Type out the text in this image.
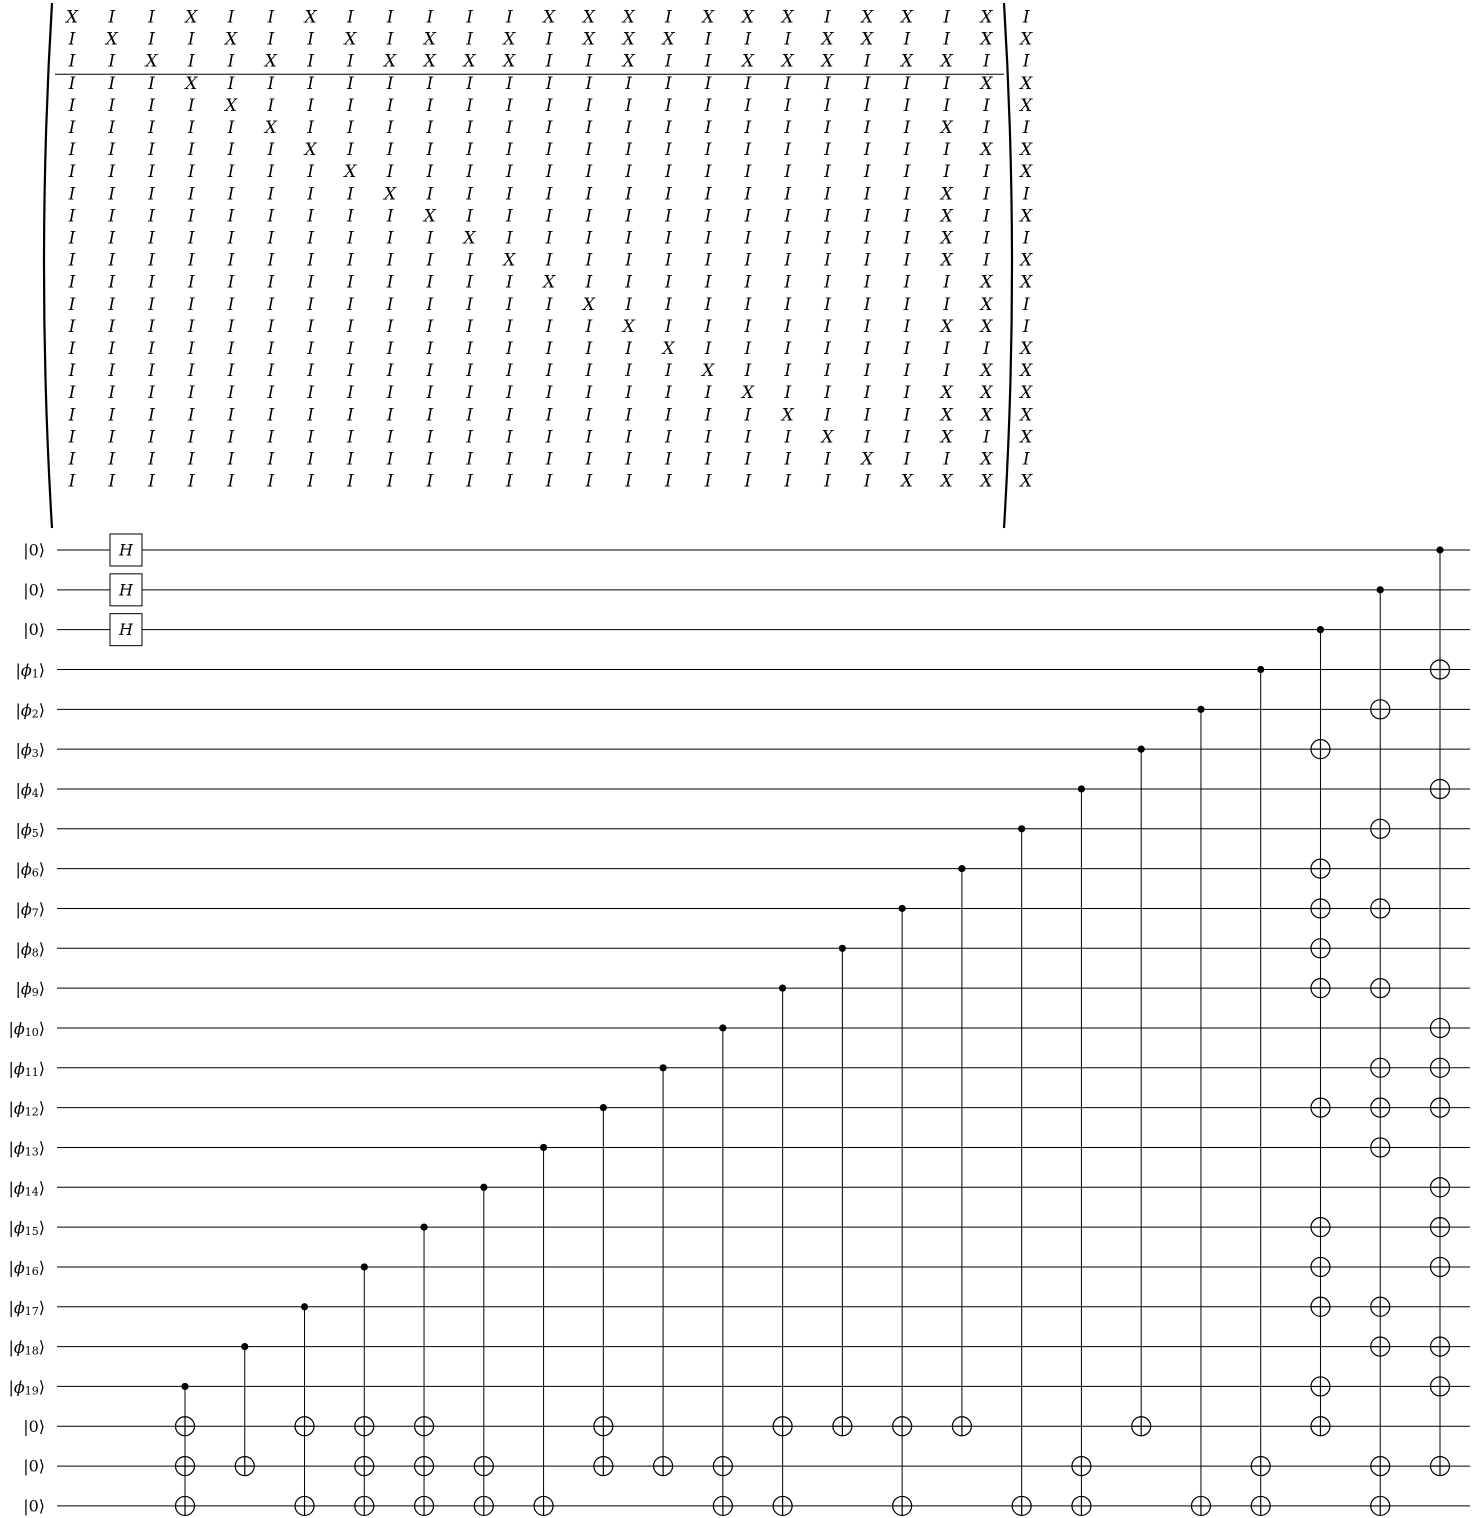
X I I X I I X I I I I I X X X I X X X I X X I X I
I X I I X I I X I X I X I X X X I I I X X I I X X
I I X I I X I I X X X X I I X I I X X X I X X I I
I I I X I I I I I I I I I I I I I I I I I I I X X
I I I I X I I I I I I I I I I I I I I I I I I I X
I I I I I X I I I I I I I I I I I I I I I I X I I
I I I I I I X I I I I I I I I I I I I I I I I X X
I I I I I I I X I I I I I I I I I I I I I I I I X
I I I I I I I I X I I I I I I I I I I I I I X I I
I I I I I I I I I X I I I I I I I I I I I I X I X
I I I I I I I I I I X I I I I I I I I I I I X I I
I I I I I I I I I I I X I I I I I I I I I I X I X
I I I I I I I I I I I I X I I I I I I I I I I X X
I I I I I I I I I I I I I X I I I I I I I I I X I
I I I I I I I I I I I I I I X I I I I I I I X X I
I I I I I I I I I I I I I I I X I I I I I I I I X
I I I I I I I I I I I I I I I I X I I I I I I X X
I I I I I I I I I I I I I I I I I X I I I I X X X
I I I I I I I I I I I I I I I I I I X I I I X X X
I I I I I I I I I I I I I I I I I I I X I I X I X
I I I I I I I I I I I I I I I I I I I I X I I X I
I I I I I I I I I I I I I I I I I I I I I X X X X
|0⟩
|0⟩
|0⟩
$|\phi_1⟩$
$|\phi_2⟩$
$|\phi_3⟩$
$|\phi_4⟩$
$|\phi_5⟩$
$|\phi_6⟩$
$|\phi_7⟩$
$|\phi_8⟩$
$|\phi_9⟩$
$|\phi_{10}⟩$
$|\phi_{11}⟩$
$|\phi_{12}⟩$
$|\phi_{13}⟩$
$|\phi_{14}⟩$
$|\phi_{15}⟩$
$|\phi_{16}⟩$
$|\phi_{17}⟩$
$|\phi_{18}⟩$
$|\phi_{19}⟩$
|0⟩
|0⟩
|0⟩
H
H
H
